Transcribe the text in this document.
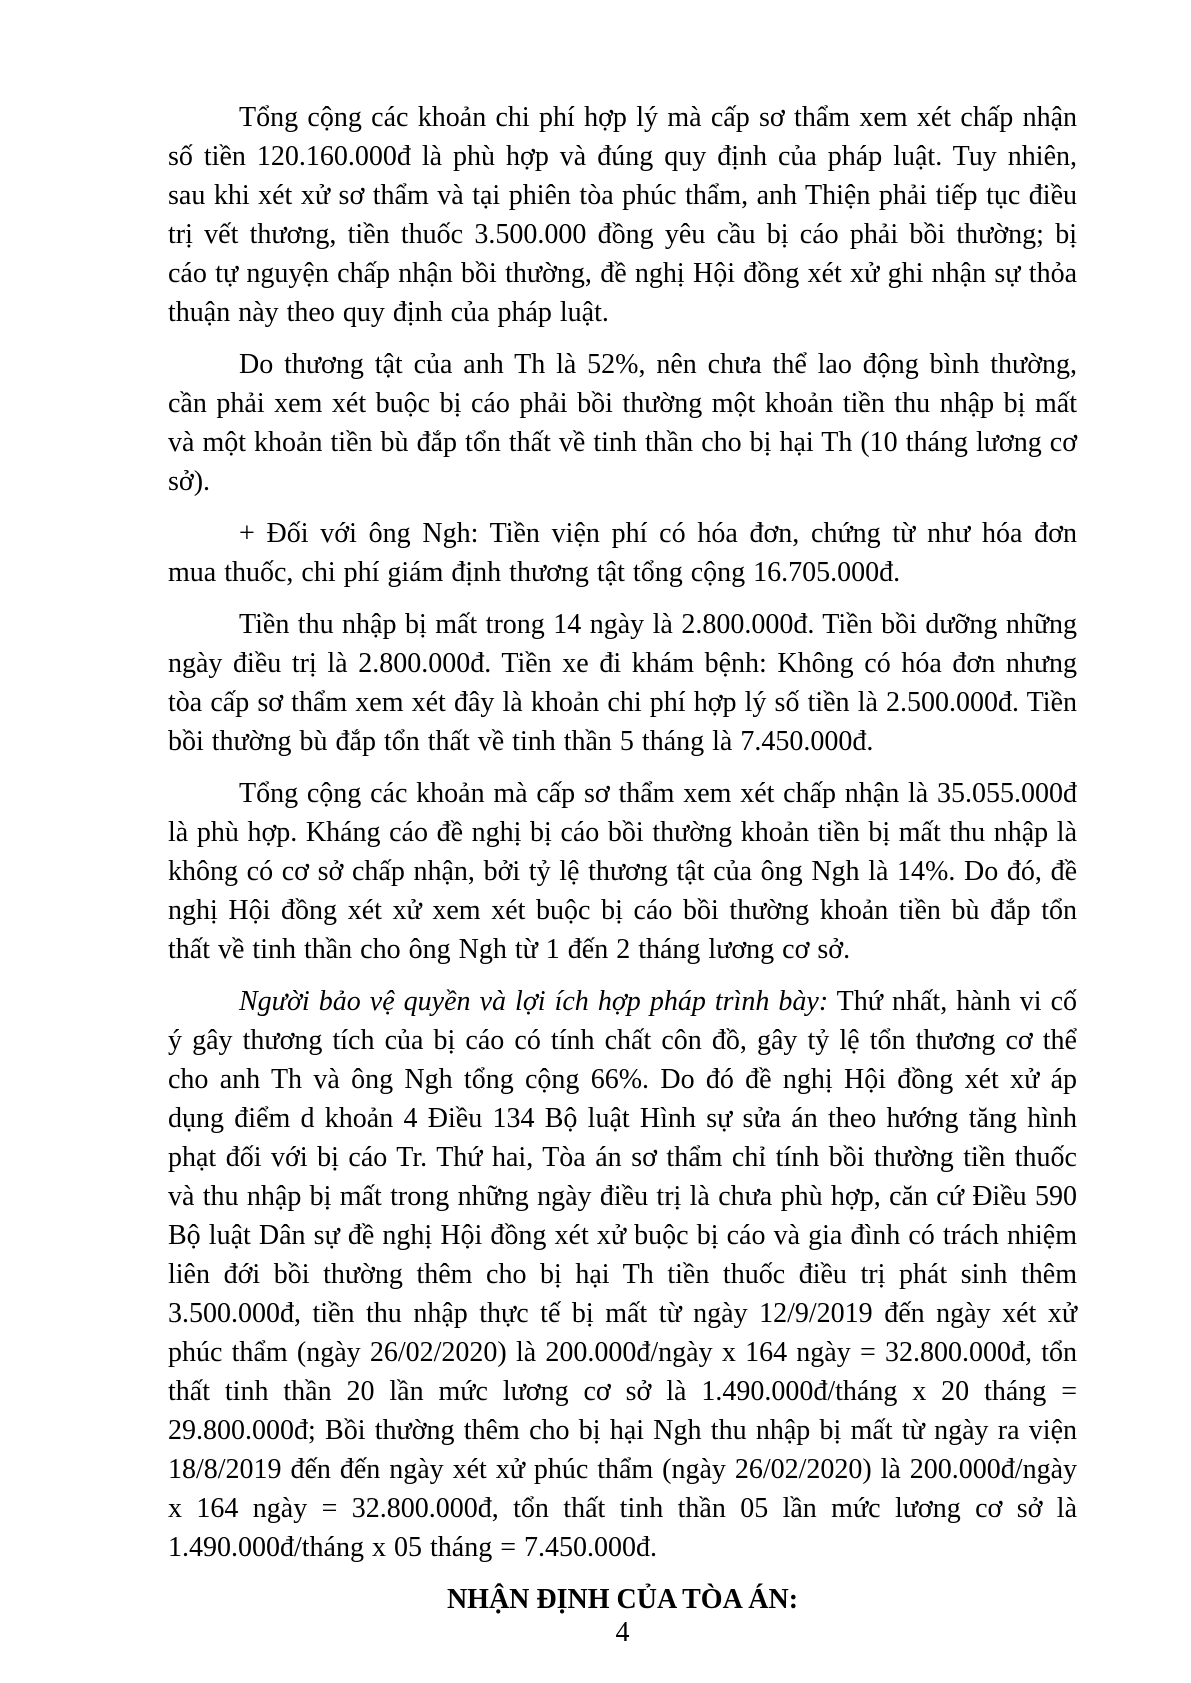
Tổng cộng các khoản chi phí hợp lý mà cấp sơ thẩm xem xét chấp nhận số tiền 120.160.000đ là phù hợp và đúng quy định của pháp luật. Tuy nhiên, sau khi xét xử sơ thẩm và tại phiên tòa phúc thẩm, anh Thiện phải tiếp tục điều trị vết thương, tiền thuốc 3.500.000 đồng yêu cầu bị cáo phải bồi thường; bị cáo tự nguyện chấp nhận bồi thường, đề nghị Hội đồng xét xử ghi nhận sự thỏa thuận này theo quy định của pháp luật.

Do thương tật của anh Th là 52%, nên chưa thể lao động bình thường, cần phải xem xét buộc bị cáo phải bồi thường một khoản tiền thu nhập bị mất và một khoản tiền bù đắp tổn thất về tinh thần cho bị hại Th (10 tháng lương cơ sở).

+ Đối với ông Ngh: Tiền viện phí có hóa đơn, chứng từ như hóa đơn mua thuốc, chi phí giám định thương tật tổng cộng 16.705.000đ.

Tiền thu nhập bị mất trong 14 ngày là 2.800.000đ. Tiền bồi dưỡng những ngày điều trị là 2.800.000đ. Tiền xe đi khám bệnh: Không có hóa đơn nhưng tòa cấp sơ thẩm xem xét đây là khoản chi phí hợp lý số tiền là 2.500.000đ. Tiền bồi thường bù đắp tổn thất về tinh thần 5 tháng là 7.450.000đ.

Tổng cộng các khoản mà cấp sơ thẩm xem xét chấp nhận là 35.055.000đ là phù hợp. Kháng cáo đề nghị bị cáo bồi thường khoản tiền bị mất thu nhập là không có cơ sở chấp nhận, bởi tỷ lệ thương tật của ông Ngh là 14%. Do đó, đề nghị Hội đồng xét xử xem xét buộc bị cáo bồi thường khoản tiền bù đắp tổn thất về tinh thần cho ông Ngh từ 1 đến 2 tháng lương cơ sở.

Người bảo vệ quyền và lợi ích hợp pháp trình bày: Thứ nhất, hành vi cố ý gây thương tích của bị cáo có tính chất côn đồ, gây tỷ lệ tổn thương cơ thể cho anh Th và ông Ngh tổng cộng 66%. Do đó đề nghị Hội đồng xét xử áp dụng điểm d khoản 4 Điều 134 Bộ luật Hình sự sửa án theo hướng tăng hình phạt đối với bị cáo Tr. Thứ hai, Tòa án sơ thẩm chỉ tính bồi thường tiền thuốc và thu nhập bị mất trong những ngày điều trị là chưa phù hợp, căn cứ Điều 590 Bộ luật Dân sự đề nghị Hội đồng xét xử buộc bị cáo và gia đình có trách nhiệm liên đới bồi thường thêm cho bị hại Th tiền thuốc điều trị phát sinh thêm 3.500.000đ, tiền thu nhập thực tế bị mất từ ngày 12/9/2019 đến ngày xét xử phúc thẩm (ngày 26/02/2020) là 200.000đ/ngày x 164 ngày = 32.800.000đ, tổn thất tinh thần 20 lần mức lương cơ sở là 1.490.000đ/tháng x 20 tháng = 29.800.000đ; Bồi thường thêm cho bị hại Ngh thu nhập bị mất từ ngày ra viện 18/8/2019 đến đến ngày xét xử phúc thẩm (ngày 26/02/2020) là 200.000đ/ngày x 164 ngày = 32.800.000đ, tổn thất tinh thần 05 lần mức lương cơ sở là 1.490.000đ/tháng x 05 tháng = 7.450.000đ.

NHẬN ĐỊNH CỦA TÒA ÁN:
4
